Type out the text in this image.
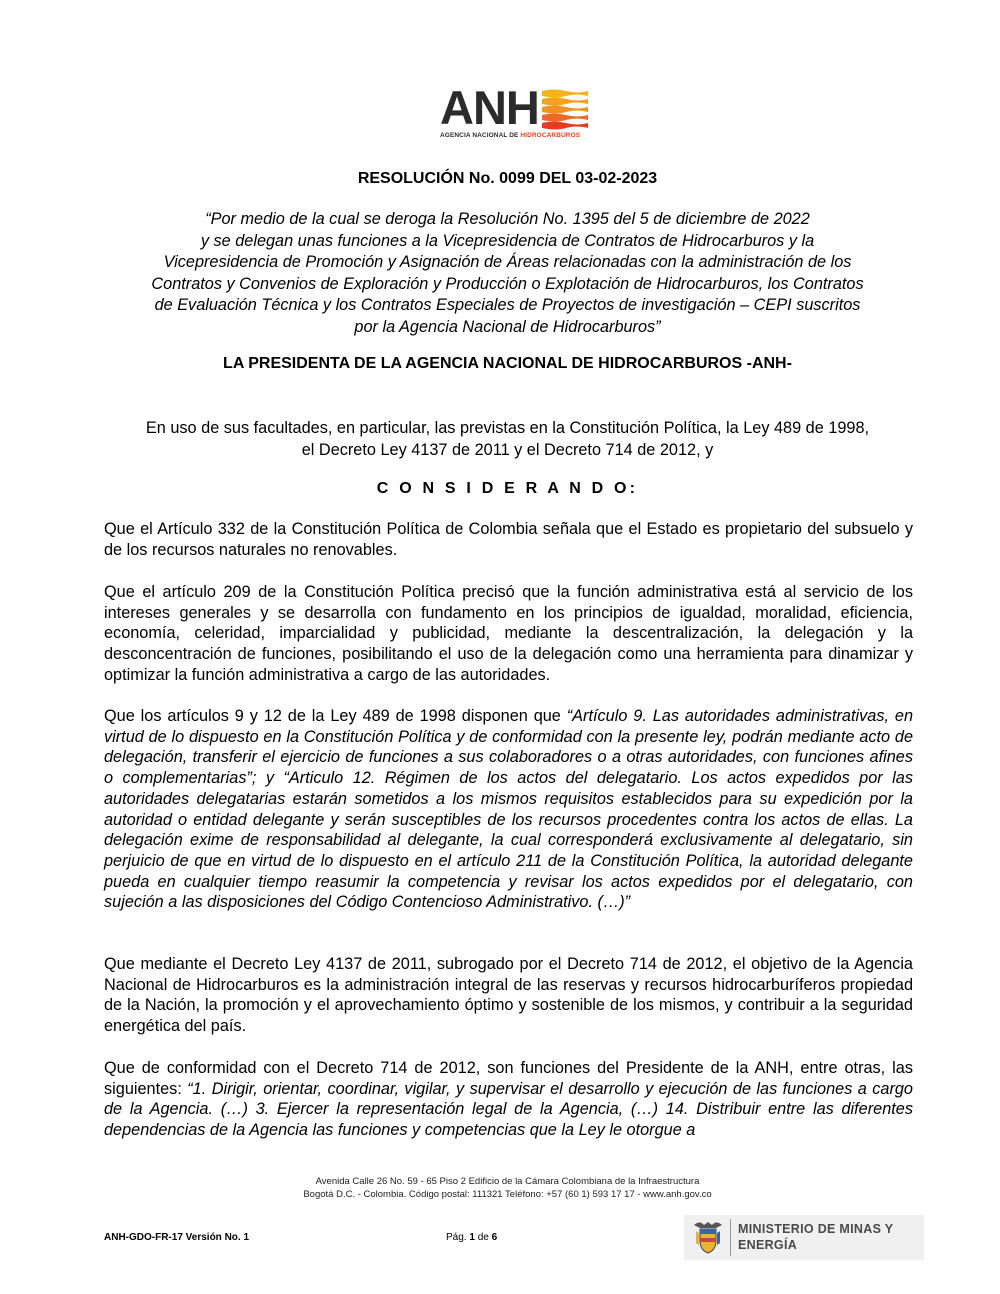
ANH
AGENCIA NACIONAL DE HIDROCARBUROS
RESOLUCIÓN No. 0099 DEL 03-02-2023
“Por medio de la cual se deroga la Resolución No. 1395 del 5 de diciembre de 2022
y se delegan unas funciones a la Vicepresidencia de Contratos de Hidrocarburos y la
Vicepresidencia de Promoción y Asignación de Áreas relacionadas con la administración de los
Contratos y Convenios de Exploración y Producción o Explotación de Hidrocarburos, los Contratos
de Evaluación Técnica y los Contratos Especiales de Proyectos de investigación – CEPI suscritos
por la Agencia Nacional de Hidrocarburos”
LA PRESIDENTA DE LA AGENCIA NACIONAL DE HIDROCARBUROS -ANH-
En uso de sus facultades, en particular, las previstas en la Constitución Política, la Ley 489 de 1998,
el Decreto Ley 4137 de 2011 y el Decreto 714 de 2012, y
C O N S I D E R A N D O:
Que el Artículo 332 de la Constitución Política de Colombia señala que el Estado es propietario del subsuelo y de los recursos naturales no renovables.
Que el artículo 209 de la Constitución Política precisó que la función administrativa está al servicio de los intereses generales y se desarrolla con fundamento en los principios de igualdad, moralidad, eficiencia, economía, celeridad, imparcialidad y publicidad, mediante la descentralización, la delegación y la desconcentración de funciones, posibilitando el uso de la delegación como una herramienta para dinamizar y optimizar la función administrativa a cargo de las autoridades.
Que los artículos 9 y 12 de la Ley 489 de 1998 disponen que “Artículo 9. Las autoridades administrativas, en virtud de lo dispuesto en la Constitución Política y de conformidad con la presente ley, podrán mediante acto de delegación, transferir el ejercicio de funciones a sus colaboradores o a otras autoridades, con funciones afines o complementarias”; y “Articulo 12. Régimen de los actos del delegatario. Los actos expedidos por las autoridades delegatarias estarán sometidos a los mismos requisitos establecidos para su expedición por la autoridad o entidad delegante y serán susceptibles de los recursos procedentes contra los actos de ellas. La delegación exime de responsabilidad al delegante, la cual corresponderá exclusivamente al delegatario, sin perjuicio de que en virtud de lo dispuesto en el artículo 211 de la Constitución Política, la autoridad delegante pueda en cualquier tiempo reasumir la competencia y revisar los actos expedidos por el delegatario, con sujeción a las disposiciones del Código Contencioso Administrativo. (…)”
Que mediante el Decreto Ley 4137 de 2011, subrogado por el Decreto 714 de 2012, el objetivo de la Agencia Nacional de Hidrocarburos es la administración integral de las reservas y recursos hidrocarburíferos propiedad de la Nación, la promoción y el aprovechamiento óptimo y sostenible de los mismos, y contribuir a la seguridad energética del país.
Que de conformidad con el Decreto 714 de 2012, son funciones del Presidente de la ANH, entre otras, las siguientes: “1. Dirigir, orientar, coordinar, vigilar, y supervisar el desarrollo y ejecución de las funciones a cargo de la Agencia. (…) 3. Ejercer la representación legal de la Agencia, (…) 14. Distribuir entre las diferentes dependencias de la Agencia las funciones y competencias que la Ley le otorgue a
Avenida Calle 26 No. 59 - 65 Piso 2 Edificio de la Cámara Colombiana de la Infraestructura
Bogotá D.C. - Colombia. Código postal: 111321 Teléfono: +57 (60 1) 593 17 17 - www.anh.gov.co
ANH-GDO-FR-17 Versión No. 1	Pág. 1 de 6
MINISTERIO DE MINAS Y
ENERGÍA
